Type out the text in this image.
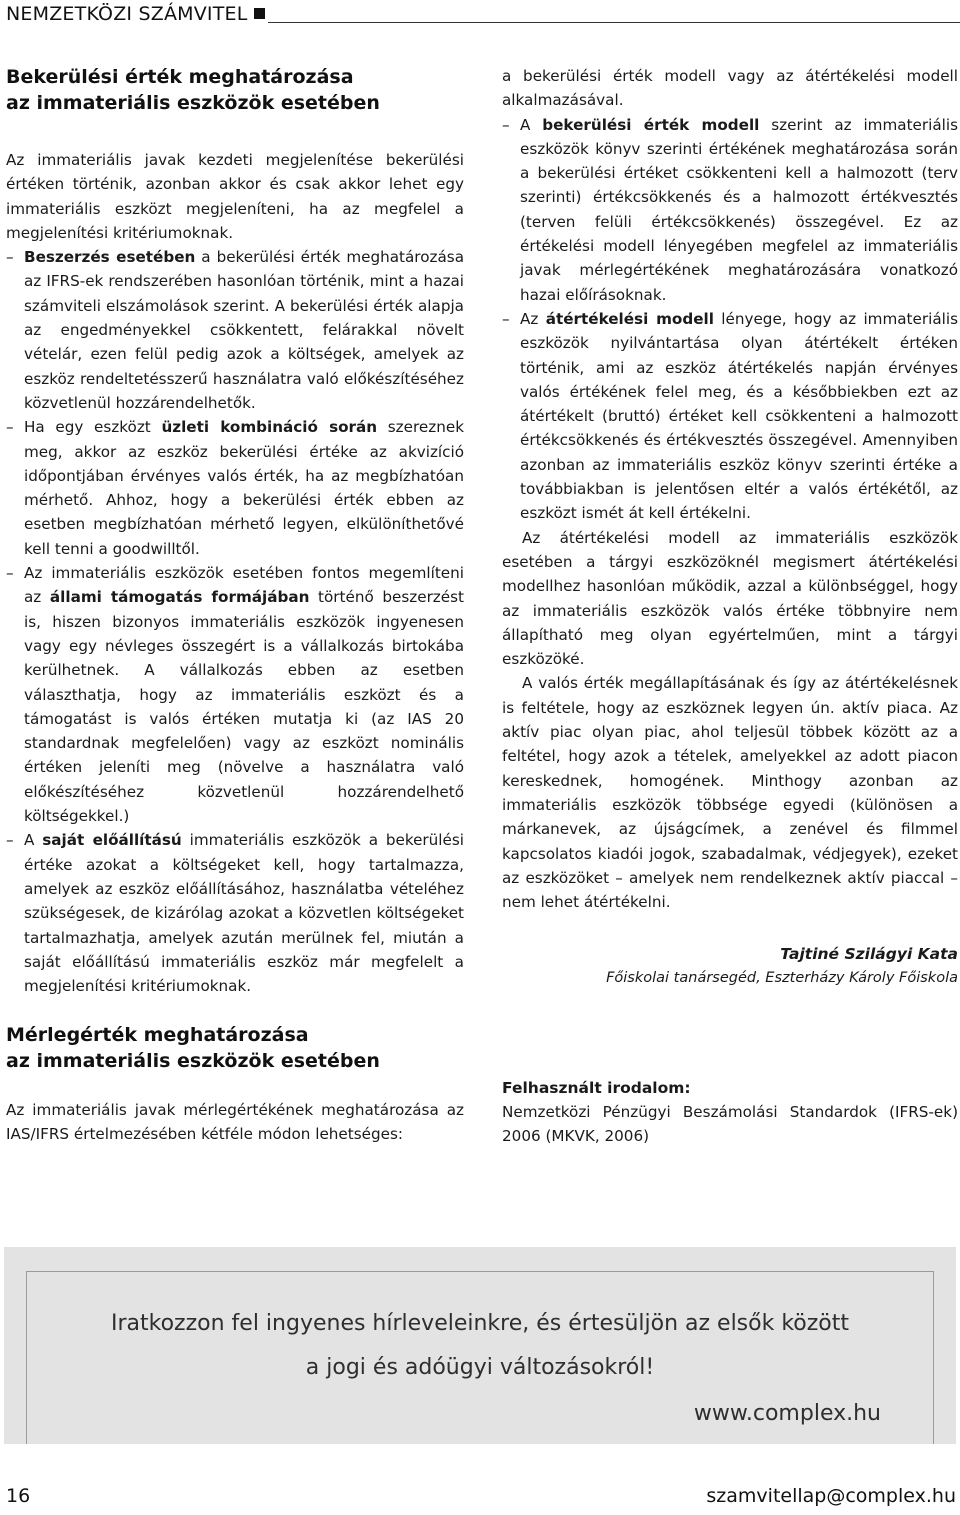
NEMZETKÖZI SZÁMVITEL
Bekerülési érték meghatározása
az immateriális eszközök esetében

Az immateriális javak kezdeti megjelenítése bekerülési értéken történik, azonban akkor és csak akkor lehet egy immateriális eszközt megjeleníteni, ha az megfelel a megjelenítési kritériumoknak.

– Beszerzés esetében a bekerülési érték meghatározása az IFRS-ek rendszerében hasonlóan történik, mint a hazai számviteli elszámolások szerint. A bekerülési érték alapja az engedményekkel csökkentett, felárakkal növelt vételár, ezen felül pedig azok a költségek, amelyek az eszköz rendeltetésszerű használatra való előkészítéséhez közvetlenül hozzárendelhetők.

– Ha egy eszközt üzleti kombináció során szereznek meg, akkor az eszköz bekerülési értéke az akvizíció időpontjában érvényes valós érték, ha az megbízhatóan mérhető. Ahhoz, hogy a bekerülési érték ebben az esetben megbízhatóan mérhető legyen, elkülöníthetővé kell tenni a goodwilltől.

– Az immateriális eszközök esetében fontos megemlíteni az állami támogatás formájában történő beszerzést is, hiszen bizonyos immateriális eszközök ingyenesen vagy egy névleges összegért is a vállalkozás birtokába kerülhetnek. A vállalkozás ebben az esetben választhatja, hogy az immateriális eszközt és a támogatást is valós értéken mutatja ki (az IAS 20 standardnak megfelelően) vagy az eszközt nominális értéken jeleníti meg (növelve a használatra való előkészítéséhez közvetlenül hozzárendelhető költségekkel.)

– A saját előállítású immateriális eszközök a bekerülési értéke azokat a költségeket kell, hogy tartalmazza, amelyek az eszköz előállításához, használatba vételéhez szükségesek, de kizárólag azokat a közvetlen költségeket tartalmazhatja, amelyek azután merülnek fel, miután a saját előállítású immateriális eszköz már megfelelt a megjelenítési kritériumoknak.

a bekerülési érték modell vagy az átértékelési modell alkalmazásával.

– A bekerülési érték modell szerint az immateriális eszközök könyv szerinti értékének meghatározása során a bekerülési értéket csökkenteni kell a halmozott (terv szerinti) értékcsökkenés és a halmozott értékvesztés (terven felüli értékcsökkenés) összegével. Ez az értékelési modell lényegében megfelel az immateriális javak mérlegértékének meghatározására vonatkozó hazai előírásoknak.

– Az átértékelési modell lényege, hogy az immateriális eszközök nyilvántartása olyan átértékelt értéken történik, ami az eszköz átértékelés napján érvényes valós értékének felel meg, és a későbbiekben ezt az átértékelt (bruttó) értéket kell csökkenteni a halmozott értékcsökkenés és értékvesztés összegével. Amennyiben azonban az immateriális eszköz könyv szerinti értéke a továbbiakban is jelentősen eltér a valós értékétől, az eszközt ismét át kell értékelni.

Az átértékelési modell az immateriális eszközök esetében a tárgyi eszközöknél megismert átértékelési modellhez hasonlóan működik, azzal a különbséggel, hogy az immateriális eszközök valós értéke többnyire nem állapítható meg olyan egyértelműen, mint a tárgyi eszközöké.

A valós érték megállapításának és így az átértékelésnek is feltétele, hogy az eszköznek legyen ún. aktív piaca. Az aktív piac olyan piac, ahol teljesül többek között az a feltétel, hogy azok a tételek, amelyekkel az adott piacon kereskednek, homogének. Minthogy azonban az immateriális eszközök többsége egyedi (különösen a márkanevek, az újságcímek, a zenével és filmmel kapcsolatos kiadói jogok, szabadalmak, védjegyek), ezeket az eszközöket – amelyek nem rendelkeznek aktív piaccal – nem lehet átértékelni.

Tajtiné Szilágyi Kata
Főiskolai tanársegéd, Eszterházy Károly Főiskola
Mérlegérték meghatározása
az immateriális eszközök esetében

Az immateriális javak mérlegértékének meghatározása az IAS/IFRS értelmezésében kétféle módon lehetséges:

Felhasznált irodalom:

Nemzetközi Pénzügyi Beszámolási Standardok (IFRS-ek) 2006 (MKVK, 2006)

Iratkozzon fel ingyenes hírleveleinkre, és értesüljön az elsők között
a jogi és adóügyi változásokról!
www.complex.hu
16	szamvitellap@complex.hu
